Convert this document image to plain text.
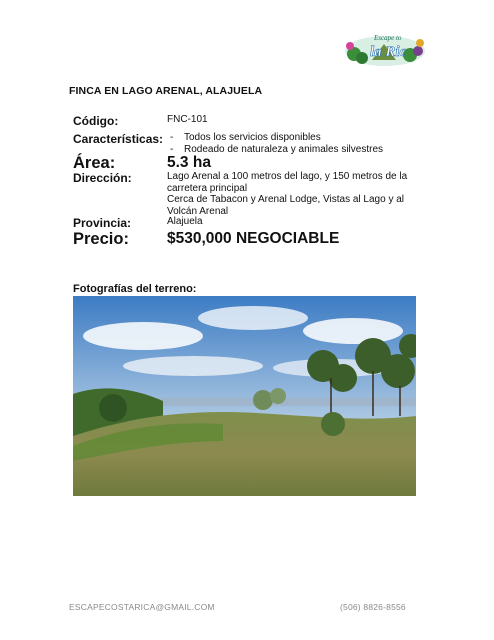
Escape to
la Ric
FINCA EN LAGO ARENAL, ALAJUELA
Código:	FNC-101
Características:
-	Todos los servicios disponibles
- Rodeado de naturaleza y animales silvestres
Área:	5.3 ha
Dirección:	Lago Arenal a 100 metros del lago, y 150 metros de la
carretera principal
Cerca de Tabacon y Arenal Lodge, Vistas al Lago y al
Volcán Arenal
Provincia:	Alajuela
Precio: $530,000 NEGOCIABLE
Fotografías del terreno:
ESCAPECOSTARICA@GMAIL.COM	(506) 8826-8556
